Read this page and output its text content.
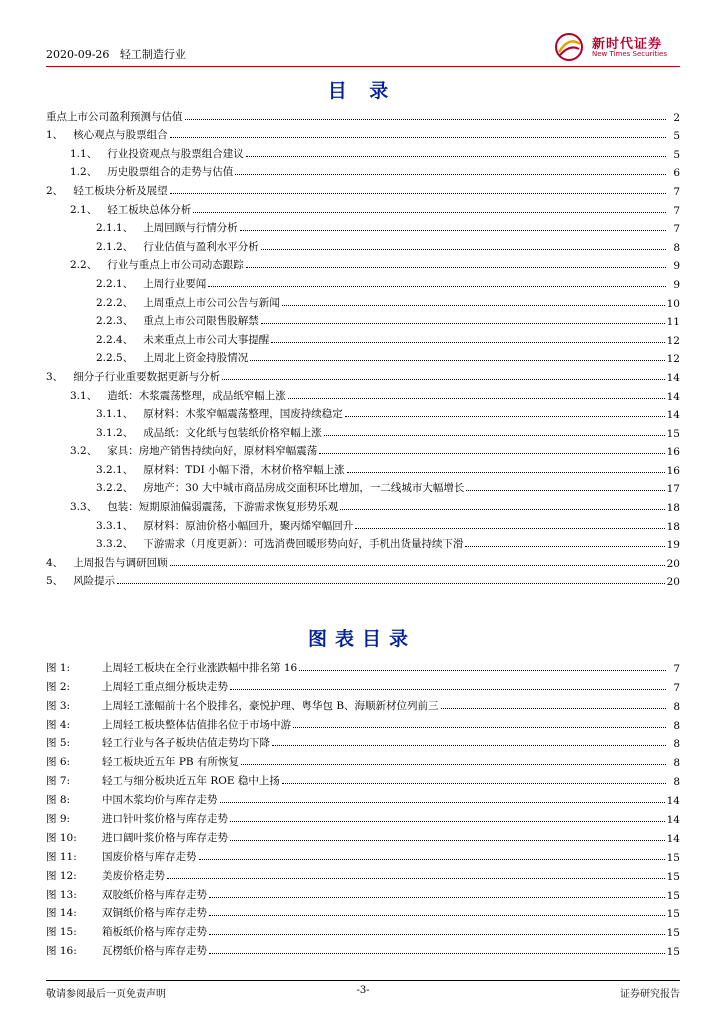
2020-09-26 轻工制造行业
新时代证券
New Times Securities
目 录
重点上市公司盈利预测与估值	2
1、 核心观点与股票组合	5
1.1、 行业投资观点与股票组合建议	5
1.2、 历史股票组合的走势与估值	6
2、 轻工板块分析及展望	7
2.1、 轻工板块总体分析	7
2.1.1、 上周回顾与行情分析	7
2.1.2、 行业估值与盈利水平分析	8
2.2、 行业与重点上市公司动态跟踪	9
2.2.1、 上周行业要闻	9
2.2.2、 上周重点上市公司公告与新闻	10
2.2.3、 重点上市公司限售股解禁	11
2.2.4、 未来重点上市公司大事提醒	12
2.2.5、 上周北上资金持股情况	12
3、 细分子行业重要数据更新与分析	14
3.1、 造纸：木浆震荡整理，成品纸窄幅上涨	14
3.1.1、 原材料：木浆窄幅震荡整理，国废持续稳定	14
3.1.2、 成品纸：文化纸与包装纸价格窄幅上涨	15
3.2、 家具：房地产销售持续向好，原材料窄幅震荡	16
3.2.1、 原材料：TDI 小幅下滑，木材价格窄幅上涨	16
3.2.2、 房地产：30 大中城市商品房成交面积环比增加，一二线城市大幅增长	17
3.3、 包装：短期原油偏弱震荡，下游需求恢复形势乐观	18
3.3.1、 原材料：原油价格小幅回升，聚丙烯窄幅回升	18
3.3.2、 下游需求（月度更新）：可选消费回暖形势向好，手机出货量持续下滑	19
4、 上周报告与调研回顾	20
5、 风险提示	20
图表目录
图 1:	上周轻工板块在全行业涨跌幅中排名第 16	7
图 2:	上周轻工重点细分板块走势	7
图 3:	上周轻工涨幅前十名个股排名，豪悦护理、粤华包 B、海顺新材位列前三	8
图 4:	上周轻工板块整体估值排名位于市场中游	8
图 5:	轻工行业与各子板块估值走势均下降	8
图 6:	轻工板块近五年 PB 有所恢复	8
图 7:	轻工与细分板块近五年 ROE 稳中上扬	8
图 8:	中国木浆均价与库存走势	14
图 9:	进口针叶浆价格与库存走势	14
图 10:	进口阔叶浆价格与库存走势	14
图 11:	国废价格与库存走势	15
图 12:	美废价格走势	15
图 13:	双胶纸价格与库存走势	15
图 14:	双铜纸价格与库存走势	15
图 15:	箱板纸价格与库存走势	15
图 16:	瓦楞纸价格与库存走势	15
敬请参阅最后一页免责声明	-3-	证券研究报告
